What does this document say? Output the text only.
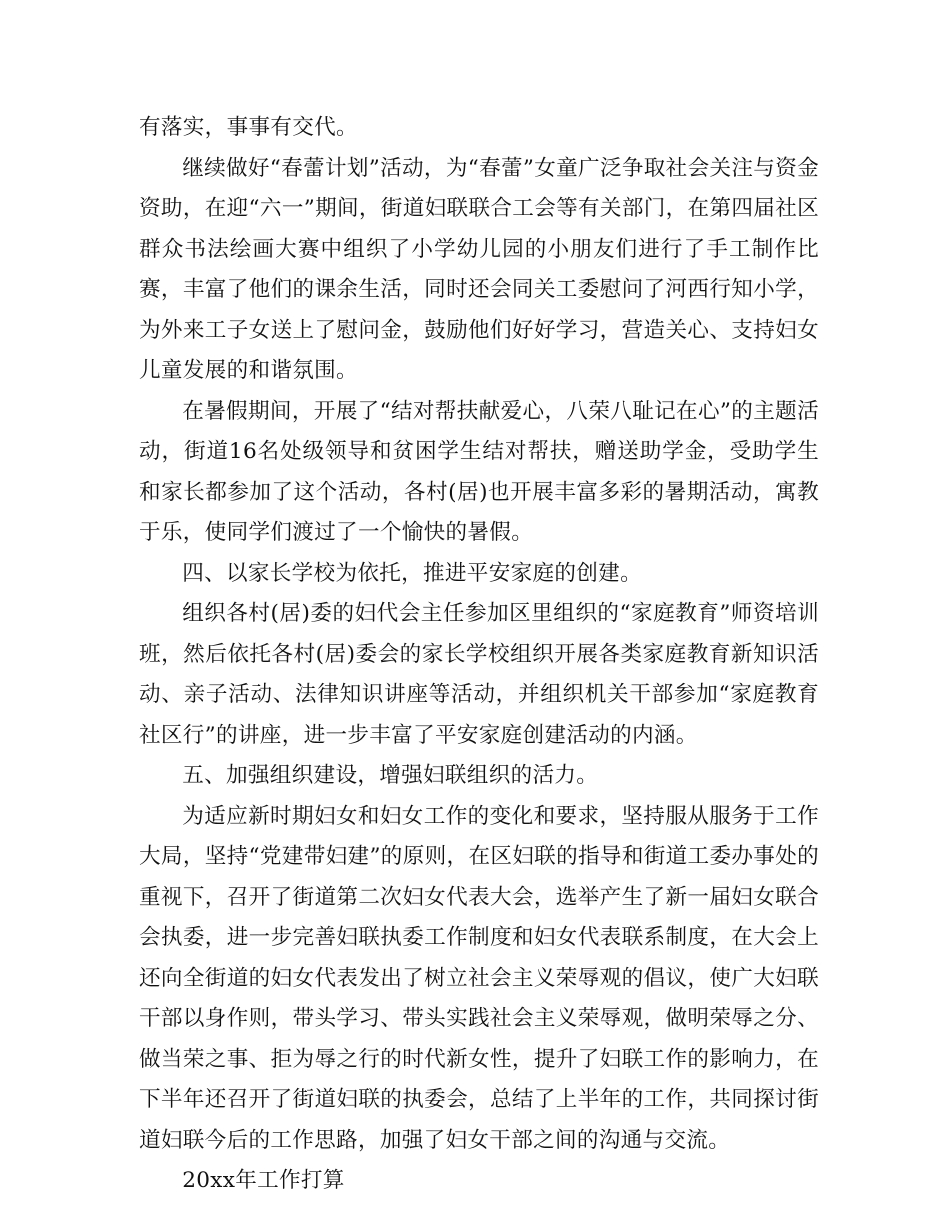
有落实，事事有交代。

继续做好“春蕾计划”活动，为“春蕾”女童广泛争取社会关注与资金资助，在迎“六一”期间，街道妇联联合工会等有关部门，在第四届社区群众书法绘画大赛中组织了小学幼儿园的小朋友们进行了手工制作比赛，丰富了他们的课余生活，同时还会同关工委慰问了河西行知小学，为外来工子女送上了慰问金，鼓励他们好好学习，营造关心、支持妇女儿童发展的和谐氛围。

在暑假期间，开展了“结对帮扶献爱心，八荣八耻记在心”的主题活动，街道16名处级领导和贫困学生结对帮扶，赠送助学金，受助学生和家长都参加了这个活动，各村(居)也开展丰富多彩的暑期活动，寓教于乐，使同学们渡过了一个愉快的暑假。

四、以家长学校为依托，推进平安家庭的创建。

组织各村(居)委的妇代会主任参加区里组织的“家庭教育”师资培训班，然后依托各村(居)委会的家长学校组织开展各类家庭教育新知识活动、亲子活动、法律知识讲座等活动，并组织机关干部参加“家庭教育社区行”的讲座，进一步丰富了平安家庭创建活动的内涵。

五、加强组织建设，增强妇联组织的活力。

为适应新时期妇女和妇女工作的变化和要求，坚持服从服务于工作大局，坚持“党建带妇建”的原则，在区妇联的指导和街道工委办事处的重视下，召开了街道第二次妇女代表大会，选举产生了新一届妇女联合会执委，进一步完善妇联执委工作制度和妇女代表联系制度，在大会上还向全街道的妇女代表发出了树立社会主义荣辱观的倡议，使广大妇联干部以身作则，带头学习、带头实践社会主义荣辱观，做明荣辱之分、做当荣之事、拒为辱之行的时代新女性，提升了妇联工作的影响力，在下半年还召开了街道妇联的执委会，总结了上半年的工作，共同探讨街道妇联今后的工作思路，加强了妇女干部之间的沟通与交流。

20xx年工作打算
